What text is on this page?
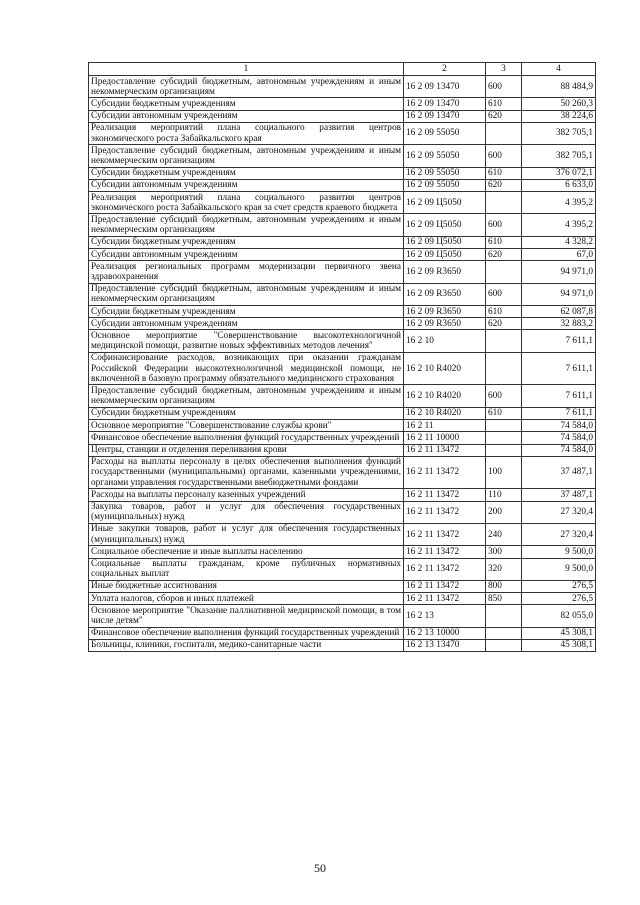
1	2	3	4
Предоставление субсидий бюджетным, автономным учреждениям и иным некоммерческим организациям	16 2 09 13470	600	88 484,9
Субсидии бюджетным учреждениям	16 2 09 13470	610	50 260,3
Субсидии автономным учреждениям	16 2 09 13470	620	38 224,6
Реализация мероприятий плана социального развития центров экономического роста Забайкальского края	16 2 09 55050		382 705,1
Предоставление субсидий бюджетным, автономным учреждениям и иным некоммерческим организациям	16 2 09 55050	600	382 705,1
Субсидии бюджетным учреждениям	16 2 09 55050	610	376 072,1
Субсидии автономным учреждениям	16 2 09 55050	620	6 633,0
Реализация мероприятий плана социального развития центров экономического роста Забайкальского края за счет средств краевого бюджета	16 2 09 Ц5050		4 395,2
Предоставление субсидий бюджетным, автономным учреждениям и иным некоммерческим организациям	16 2 09 Ц5050	600	4 395,2
Субсидии бюджетным учреждениям	16 2 09 Ц5050	610	4 328,2
Субсидии автономным учреждениям	16 2 09 Ц5050	620	67,0
Реализация региональных программ модернизации первичного звена здравоохранения	16 2 09 R3650		94 971,0
Предоставление субсидий бюджетным, автономным учреждениям и иным некоммерческим организациям	16 2 09 R3650	600	94 971,0
Субсидии бюджетным учреждениям	16 2 09 R3650	610	62 087,8
Субсидии автономным учреждениям	16 2 09 R3650	620	32 883,2
Основное мероприятие "Совершенствование высокотехнологичной медицинской помощи, развитие новых эффективных методов лечения"	16 2 10		7 611,1
Софинансирование расходов, возникающих при оказании гражданам Российской Федерации высокотехнологичной медицинской помощи, не включенной в базовую программу обязательного медицинского страхования	16 2 10 R4020		7 611,1
Предоставление субсидий бюджетным, автономным учреждениям и иным некоммерческим организациям	16 2 10 R4020	600	7 611,1
Субсидии бюджетным учреждениям	16 2 10 R4020	610	7 611,1
Основное мероприятие "Совершенствование службы крови"	16 2 11		74 584,0
Финансовое обеспечение выполнения функций государственных учреждений	16 2 11 10000		74 584,0
Центры, станции и отделения переливания крови	16 2 11 13472		74 584,0
Расходы на выплаты персоналу в целях обеспечения выполнения функций государственными (муниципальными) органами, казенными учреждениями, органами управления государственными внебюджетными фондами	16 2 11 13472	100	37 487,1
Расходы на выплаты персоналу казенных учреждений	16 2 11 13472	110	37 487,1
Закупка товаров, работ и услуг для обеспечения государственных (муниципальных) нужд	16 2 11 13472	200	27 320,4
Иные закупки товаров, работ и услуг для обеспечения государственных (муниципальных) нужд	16 2 11 13472	240	27 320,4
Социальное обеспечение и иные выплаты населению	16 2 11 13472	300	9 500,0
Социальные выплаты гражданам, кроме публичных нормативных социальных выплат	16 2 11 13472	320	9 500,0
Иные бюджетные ассигнования	16 2 11 13472	800	276,5
Уплата налогов, сборов и иных платежей	16 2 11 13472	850	276,5
Основное мероприятие "Оказание паллиативной медицинской помощи, в том числе детям"	16 2 13		82 055,0
Финансовое обеспечение выполнения функций государственных учреждений	16 2 13 10000		45 308,1
Больницы, клиники, госпитали, медико-санитарные части	16 2 13 13470		45 308,1
50
